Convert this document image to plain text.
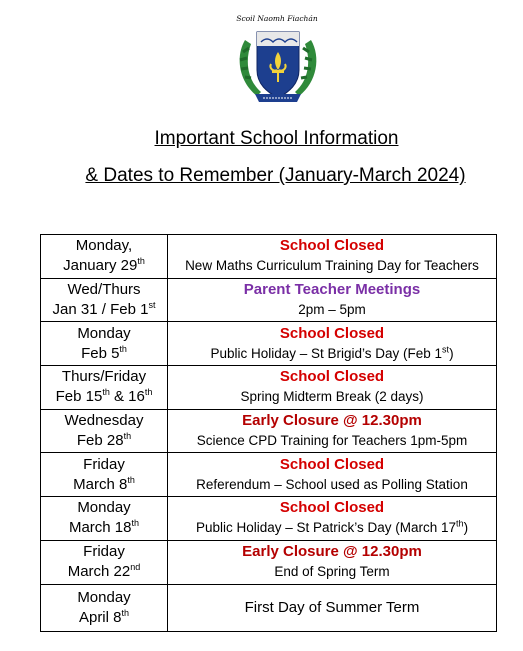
Scoil Naomh Fiachán
Important School Information
& Dates to Remember (January-March 2024)
Monday,
January 29th	School Closed
New Maths Curriculum Training Day for Teachers

Wed/Thurs
Jan 31 / Feb 1st	Parent Teacher Meetings
2pm – 5pm

Monday
Feb 5th	School Closed
Public Holiday – St Brigid’s Day (Feb 1st)

Thurs/Friday
Feb 15th & 16th	School Closed
Spring Midterm Break (2 days)

Wednesday
Feb 28th	Early Closure @ 12.30pm
Science CPD Training for Teachers 1pm-5pm

Friday
March 8th	School Closed
Referendum – School used as Polling Station

Monday
March 18th	School Closed
Public Holiday – St Patrick’s Day (March 17th)

Friday
March 22nd	Early Closure @ 12.30pm
End of Spring Term

Monday
April 8th	First Day of Summer Term
